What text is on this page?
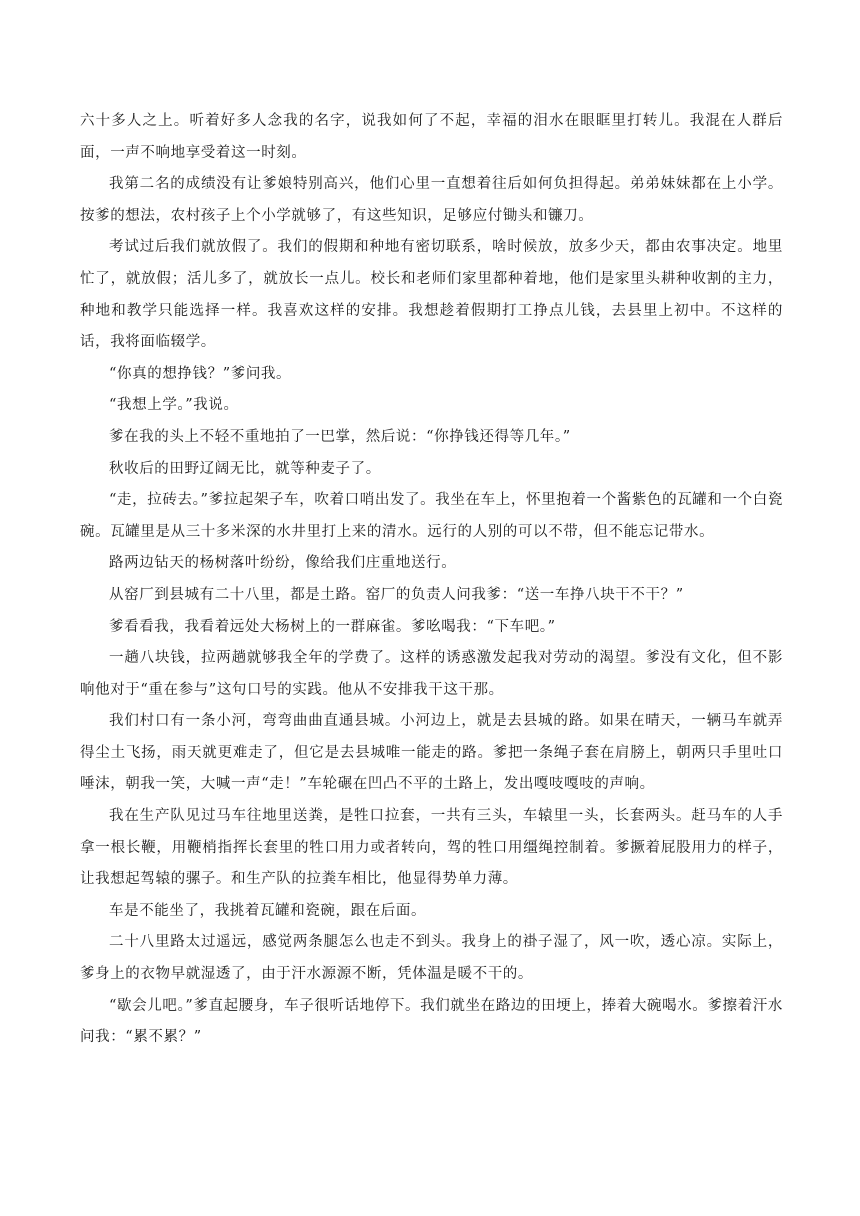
六十多人之上。听着好多人念我的名字，说我如何了不起，幸福的泪水在眼眶里打转儿。我混在人群后面，一声不响地享受着这一时刻。

我第二名的成绩没有让爹娘特别高兴，他们心里一直想着往后如何负担得起。弟弟妹妹都在上小学。按爹的想法，农村孩子上个小学就够了，有这些知识，足够应付锄头和镰刀。

考试过后我们就放假了。我们的假期和种地有密切联系，啥时候放，放多少天，都由农事决定。地里忙了，就放假；活儿多了，就放长一点儿。校长和老师们家里都种着地，他们是家里头耕种收割的主力，种地和教学只能选择一样。我喜欢这样的安排。我想趁着假期打工挣点儿钱，去县里上初中。不这样的话，我将面临辍学。

“你真的想挣钱？”爹问我。

“我想上学。”我说。

爹在我的头上不轻不重地拍了一巴掌，然后说：“你挣钱还得等几年。”

秋收后的田野辽阔无比，就等种麦子了。

“走，拉砖去。”爹拉起架子车，吹着口哨出发了。我坐在车上，怀里抱着一个酱紫色的瓦罐和一个白瓷碗。瓦罐里是从三十多米深的水井里打上来的清水。远行的人别的可以不带，但不能忘记带水。

路两边钻天的杨树落叶纷纷，像给我们庄重地送行。

从窑厂到县城有二十八里，都是土路。窑厂的负责人问我爹：“送一车挣八块干不干？”

爹看看我，我看着远处大杨树上的一群麻雀。爹吆喝我：“下车吧。”

一趟八块钱，拉两趟就够我全年的学费了。这样的诱惑激发起我对劳动的渴望。爹没有文化，但不影响他对于“重在参与”这句口号的实践。他从不安排我干这干那。

我们村口有一条小河，弯弯曲曲直通县城。小河边上，就是去县城的路。如果在晴天，一辆马车就弄得尘土飞扬，雨天就更难走了，但它是去县城唯一能走的路。爹把一条绳子套在肩膀上，朝两只手里吐口唾沫，朝我一笑，大喊一声“走！”车轮碾在凹凸不平的土路上，发出嘎吱嘎吱的声响。

我在生产队见过马车往地里送粪，是牲口拉套，一共有三头，车辕里一头，长套两头。赶马车的人手拿一根长鞭，用鞭梢指挥长套里的牲口用力或者转向，驾的牲口用缰绳控制着。爹撅着屁股用力的样子，让我想起驾辕的骡子。和生产队的拉粪车相比，他显得势单力薄。

车是不能坐了，我挑着瓦罐和瓷碗，跟在后面。

二十八里路太过遥远，感觉两条腿怎么也走不到头。我身上的褂子湿了，风一吹，透心凉。实际上，爹身上的衣物早就湿透了，由于汗水源源不断，凭体温是暖不干的。

“歇会儿吧。”爹直起腰身，车子很听话地停下。我们就坐在路边的田埂上，捧着大碗喝水。爹擦着汗水问我：“累不累？”
